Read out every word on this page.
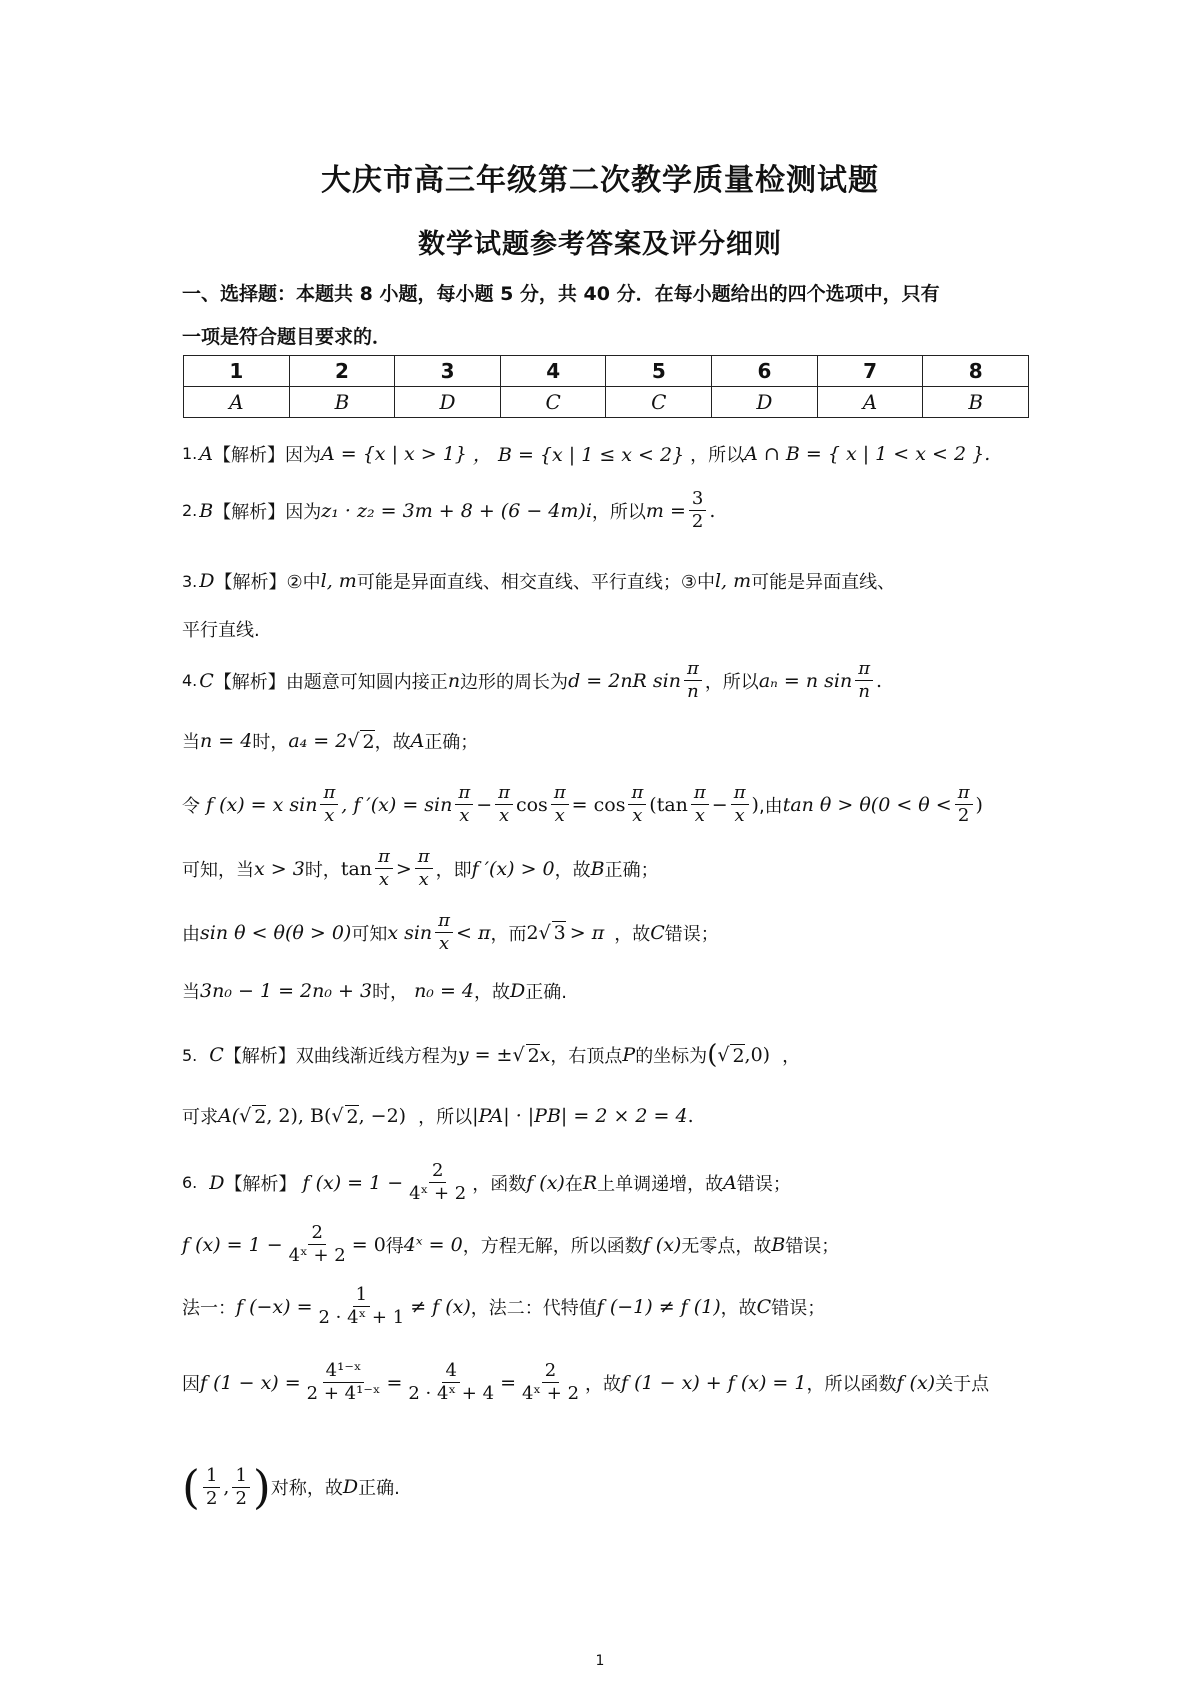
大庆市高三年级第二次教学质量检测试题
数学试题参考答案及评分细则
一、选择题：本题共 8 小题，每小题 5 分，共 40 分．在每小题给出的四个选项中，只有
一项是符合题目要求的．
1	2	3	4	5	6	7	8
A	B	D	C	C	D	A	B
1. A 【解析】 因为 A = {x | x > 1} ， B = {x | 1 ≤ x < 2} ，所以 A ∩ B = { x | 1 < x < 2 }.
2. B 【解析】 因为 z₁ · z₂ = 3m + 8 + (6 − 4m)i ，所以 $m = \frac{3}{2}$ .
3. D 【解析】 ②中 l, m 可能是异面直线、相交直线、平行直线；③中 l, m 可能是异面直线、
平行直线.
4. C 【解析】 由题意可知圆内接正 n 边形的周长为 d = 2nR $\sin \frac{\pi}{n}$ ，所以 aₙ = n $\sin \frac{\pi}{n}$ .
当 n = 4 时， a₄ = 2 √ 2 ，故 A 正确；
令 f (x) = x $\sin \frac{\pi}{x}$ , f $'(x) = \sin \frac{\pi}{x} - \frac{\pi}{x}$ $\cos \frac{\pi}{x} = \cos \frac{\pi}{x} (\tan \frac{\pi}{x} - \frac{\pi}{x}$ ) ,由 $\tan \theta > \theta(0 < \theta < \frac{\pi}{2}$ )
可知，当 x > 3 时， $\tan \frac{\pi}{x} > \frac{\pi}{x}$ ，即 f ′(x) > 0 ，故 B 正确；
由 sin θ < θ(θ > 0) 可知 x $\sin \frac{\pi}{x} < \pi$ ，而 2 √ 3 > π ，故 C 错误；
当 3n₀ − 1 = 2n₀ + 3 时， n₀ = 4 ，故 D 正确.
5. C 【解析】 双曲线渐近线方程为 y = ± √ 2 x ，右顶点 P 的坐标为 ( √ 2 ,0) ，
可求 A( √ 2 , 2), B( √ 2 , −2) ，所以 |PA| · |PB| = 2 × 2 = 4 .
6. D 【解析】 f $(x) = 1 - \frac{2}{\text{4ˣ + 2}}$ ，函数 f (x) 在 R 上单调递增，故 A 错误；
f $(x) = 1 - \frac{2}{\text{4ˣ + 2}} = 0$ 得 4ˣ = 0 ，方程无解，所以函数 f (x) 无零点，故 B 错误；
法一： f $(-x) = \frac{1}{\text{2 · 4ˣ + 1}} \ne f$ (x) ，法二：代特值 f (−1) ≠ f (1) ，故 C 错误；
因 f $(1 - x) = \frac{\text{4¹⁻ˣ}}{\text{2 + 4¹⁻ˣ}} = \frac{4}{\text{2 · 4ˣ + 4}} = \frac{2}{\text{4ˣ + 2}}$ ，故 f (1 − x) + f (x) = 1 ，所以函数 f (x) 关于点
( $\frac{1}{2}$ , $\frac{1}{2}$ ) 对称，故 D 正确.
1
